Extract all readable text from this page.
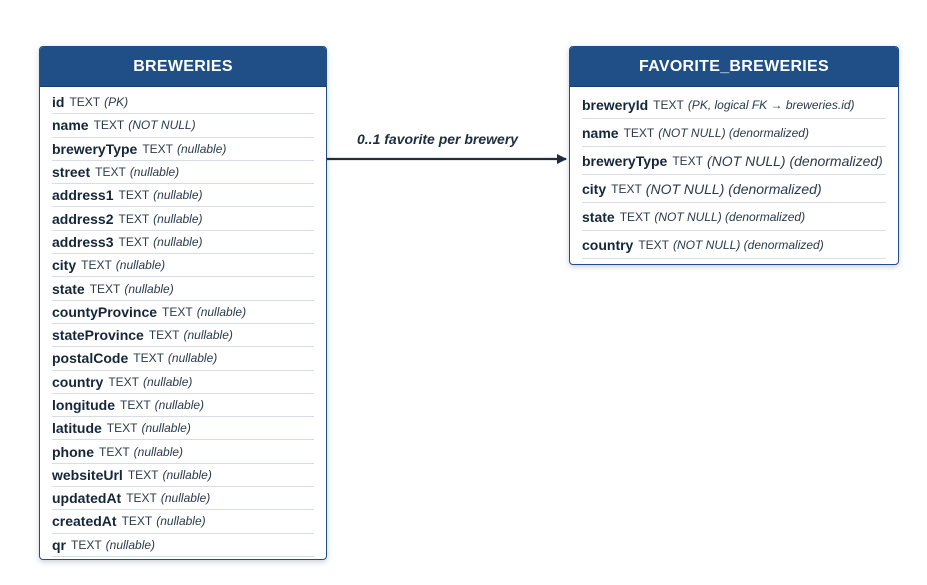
0..1 favorite per brewery
BREWERIES
id TEXT (PK)
name TEXT (NOT NULL)
breweryType TEXT (nullable)
street TEXT (nullable)
address1 TEXT (nullable)
address2 TEXT (nullable)
address3 TEXT (nullable)
city TEXT (nullable)
state TEXT (nullable)
countyProvince TEXT (nullable)
stateProvince TEXT (nullable)
postalCode TEXT (nullable)
country TEXT (nullable)
longitude TEXT (nullable)
latitude TEXT (nullable)
phone TEXT (nullable)
websiteUrl TEXT (nullable)
updatedAt TEXT (nullable)
createdAt TEXT (nullable)
qr TEXT (nullable)
FAVORITE_BREWERIES
breweryId TEXT (PK, logical FK → breweries.id)
name TEXT (NOT NULL) (denormalized)
breweryType TEXT (NOT NULL) (denormalized)
city TEXT (NOT NULL) (denormalized)
state TEXT (NOT NULL) (denormalized)
country TEXT (NOT NULL) (denormalized)
